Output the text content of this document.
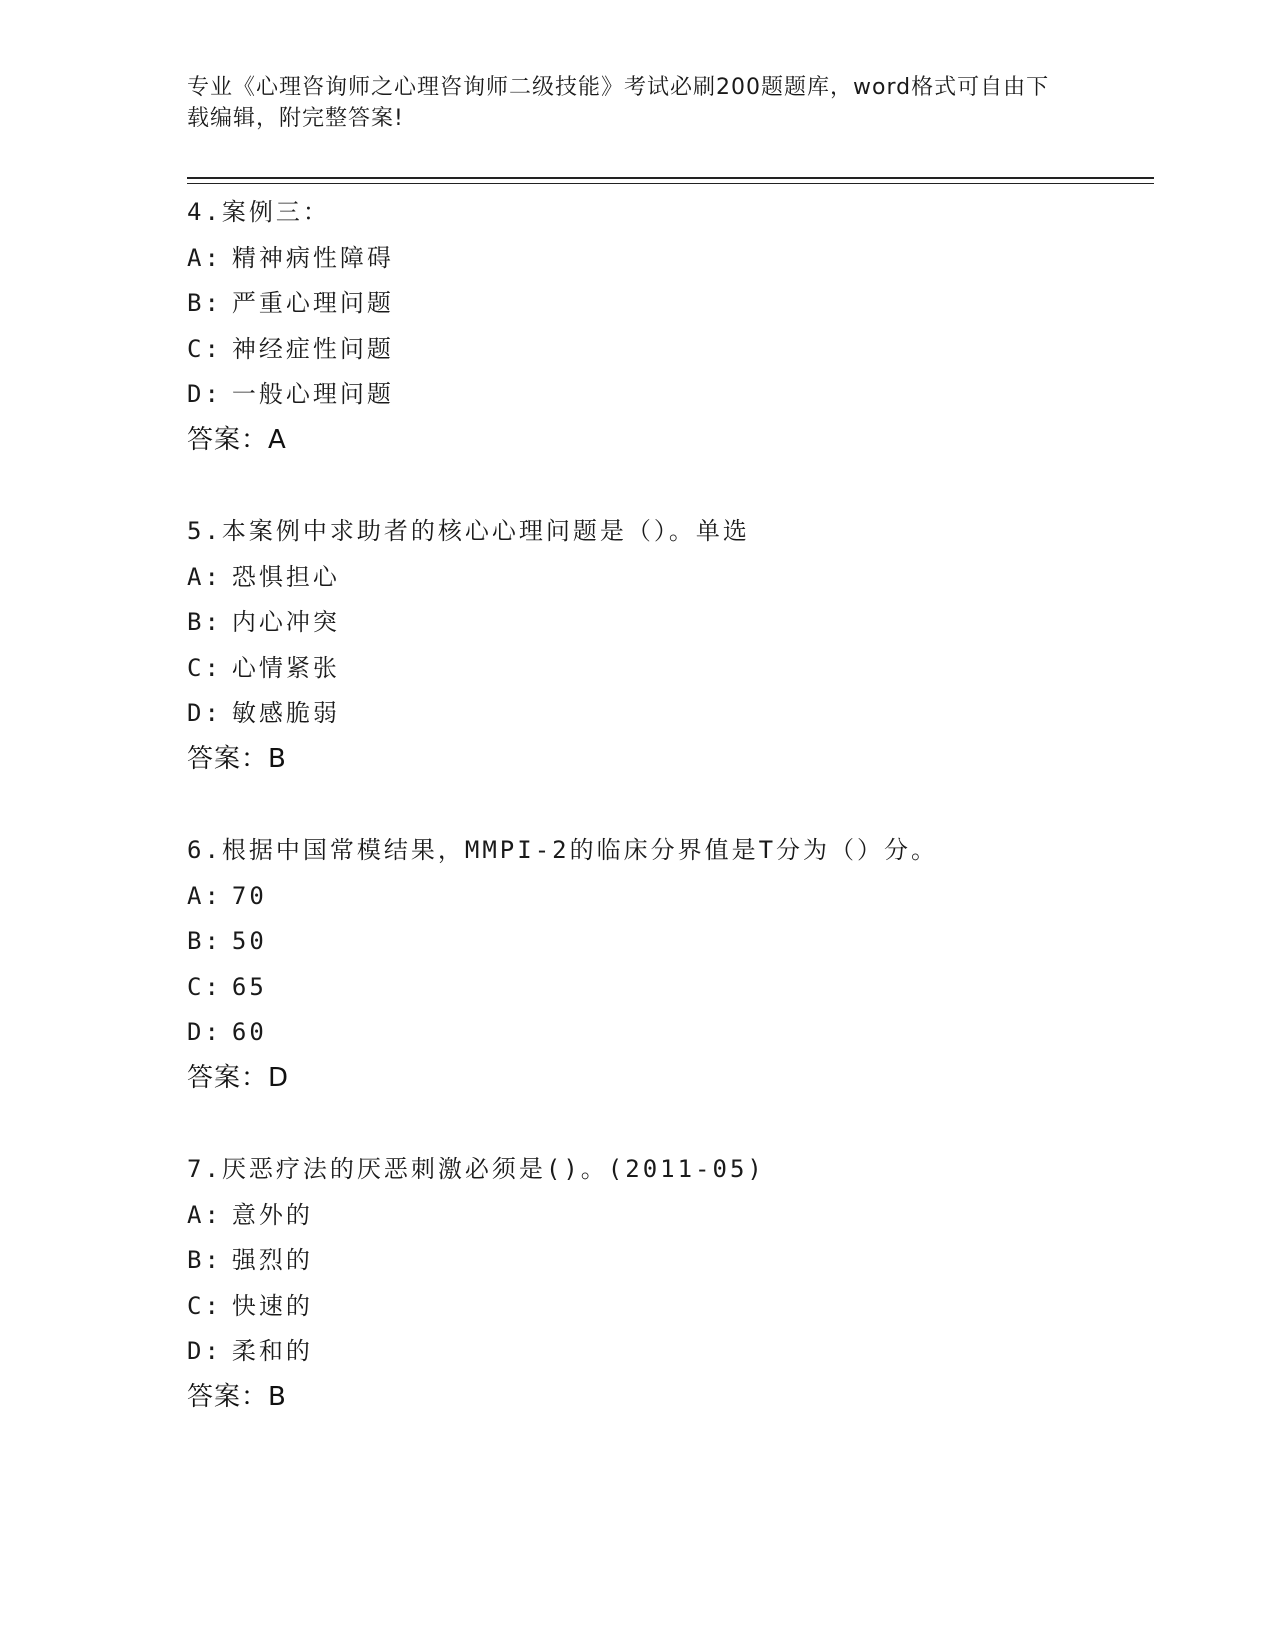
专业《心理咨询师之心理咨询师二级技能》考试必刷200题题库，word格式可自由下载编辑，附完整答案!
4.案例三：
A: 精神病性障碍
B: 严重心理问题
C: 神经症性问题
D: 一般心理问题
答案：A
5.本案例中求助者的核心心理问题是（）。单选
A: 恐惧担心
B: 内心冲突
C: 心情紧张
D: 敏感脆弱
答案：B
6.根据中国常模结果，MMPI-2的临床分界值是T分为（）分。
A: 70
B: 50
C: 65
D: 60
答案：D
7.厌恶疗法的厌恶刺激必须是()。(2011-05)
A: 意外的
B: 强烈的
C: 快速的
D: 柔和的
答案：B
